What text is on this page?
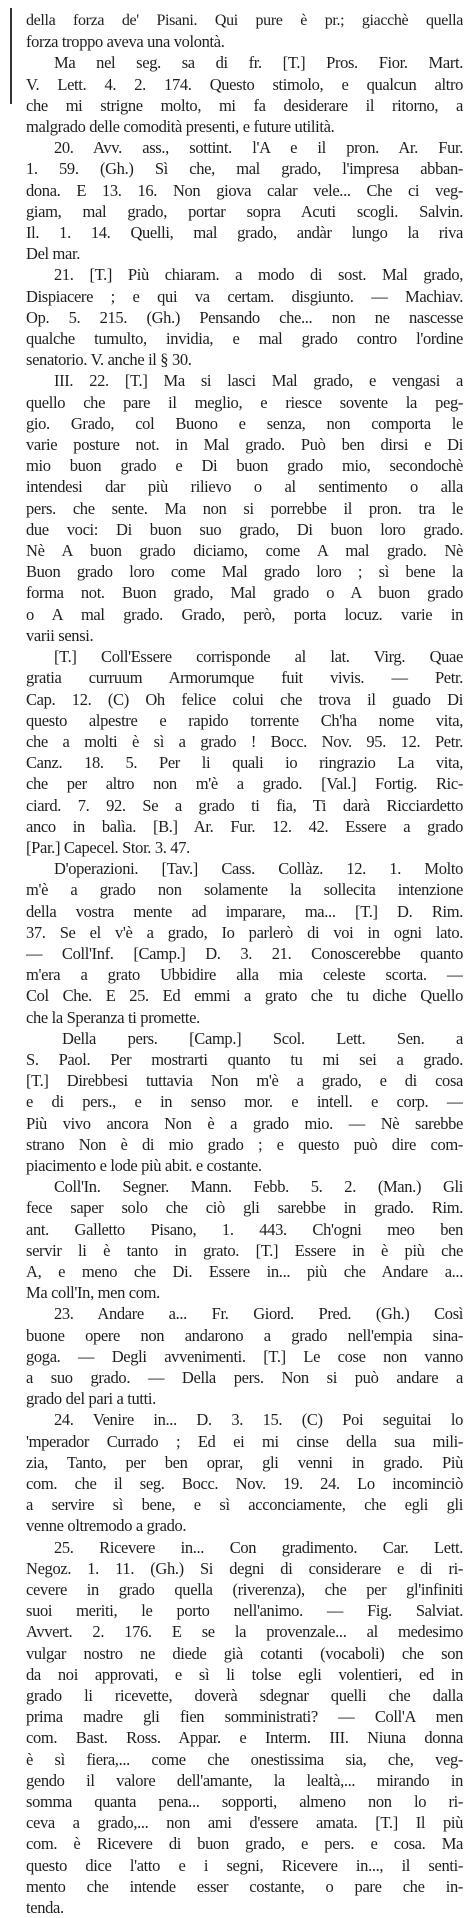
della forza de' Pisani. Qui pure è pr.; giacchè quella
forza troppo aveva una volontà.
Ma nel seg. sa di fr. [T.] Pros. Fior. Mart.
V. Lett. 4. 2. 174. Questo stimolo, e qualcun altro
che mi strigne molto, mi fa desiderare il ritorno, a
malgrado delle comodità presenti, e future utilità.
20. Avv. ass., sottint. l'A e il pron. Ar. Fur.
1. 59. (Gh.) Sì che, mal grado, l'impresa abban-
dona. E 13. 16. Non giova calar vele... Che ci veg-
giam, mal grado, portar sopra Acuti scogli. Salvin.
Il. 1. 14. Quelli, mal grado, andàr lungo la riva
Del mar.
21. [T.] Più chiaram. a modo di sost. Mal grado,
Dispiacere ; e qui va certam. disgiunto. — Machiav.
Op. 5. 215. (Gh.) Pensando che... non ne nascesse
qualche tumulto, invidia, e mal grado contro l'ordine
senatorio. V. anche il § 30.
III. 22. [T.] Ma si lasci Mal grado, e vengasi a
quello che pare il meglio, e riesce sovente la peg-
gio. Grado, col Buono e senza, non comporta le
varie posture not. in Mal grado. Può ben dirsi e Di
mio buon grado e Di buon grado mio, secondochè
intendesi dar più rilievo o al sentimento o alla
pers. che sente. Ma non si porrebbe il pron. tra le
due voci: Di buon suo grado, Di buon loro grado.
Nè A buon grado diciamo, come A mal grado. Nè
Buon grado loro come Mal grado loro ; sì bene la
forma not. Buon grado, Mal grado o A buon grado
o A mal grado. Grado, però, porta locuz. varie in
varii sensi.
[T.] Coll'Essere corrisponde al lat. Virg. Quae
gratia curruum Armorumque fuit vivis. — Petr.
Cap. 12. (C) Oh felice colui che trova il guado Di
questo alpestre e rapido torrente Ch'ha nome vita,
che a molti è sì a grado ! Bocc. Nov. 95. 12. Petr.
Canz. 18. 5. Per li quali io ringrazio La vita,
che per altro non m'è a grado. [Val.] Fortig. Ric-
ciard. 7. 92. Se a grado ti fia, Ti darà Ricciardetto
anco in balìa. [B.] Ar. Fur. 12. 42. Essere a grado
[Par.] Capecel. Stor. 3. 47.
D'operazioni. [Tav.] Cass. Collàz. 12. 1. Molto
m'è a grado non solamente la sollecita intenzione
della vostra mente ad imparare, ma... [T.] D. Rim.
37. Se el v'è a grado, Io parlerò di voi in ogni lato.
— Coll'Inf. [Camp.] D. 3. 21. Conoscerebbe quanto
m'era a grato Ubbidire alla mia celeste scorta. —
Col Che. E 25. Ed emmi a grato che tu diche Quello
che la Speranza ti promette.
Della pers. [Camp.] Scol. Lett. Sen. a
S. Paol. Per mostrarti quanto tu mi sei a grado.
[T.] Direbbesi tuttavia Non m'è a grado, e di cosa
e di pers., e in senso mor. e intell. e corp. —
Più vivo ancora Non è a grado mio. — Nè sarebbe
strano Non è di mio grado ; e questo può dire com-
piacimento e lode più abit. e costante.
Coll'In. Segner. Mann. Febb. 5. 2. (Man.) Gli
fece saper solo che ciò gli sarebbe in grado. Rim.
ant. Galletto Pisano, 1. 443. Ch'ogni meo ben
servir li è tanto in grato. [T.] Essere in è più che
A, e meno che Di. Essere in... più che Andare a...
Ma coll'In, men com.
23. Andare a... Fr. Giord. Pred. (Gh.) Così
buone opere non andarono a grado nell'empia sina-
goga. — Degli avvenimenti. [T.] Le cose non vanno
a suo grado. — Della pers. Non si può andare a
grado del pari a tutti.
24. Venire in... D. 3. 15. (C) Poi seguitai lo
'mperador Currado ; Ed ei mi cinse della sua mili-
zia, Tanto, per ben oprar, gli venni in grado. Più
com. che il seg. Bocc. Nov. 19. 24. Lo incominciò
a servire sì bene, e sì acconciamente, che egli gli
venne oltremodo a grado.
25. Ricevere in... Con gradimento. Car. Lett.
Negoz. 1. 11. (Gh.) Si degni di considerare e di ri-
cevere in grado quella (riverenza), che per gl'infiniti
suoi meriti, le porto nell'animo. — Fig. Salviat.
Avvert. 2. 176. E se la provenzale... al medesimo
vulgar nostro ne diede già cotanti (vocaboli) che son
da noi approvati, e sì li tolse egli volentieri, ed in
grado li ricevette, doverà sdegnar quelli che dalla
prima madre gli fien somministrati? — Coll'A men
com. Bast. Ross. Appar. e Interm. III. Niuna donna
è sì fiera,... come che onestissima sia, che, veg-
gendo il valore dell'amante, la lealtà,... mirando in
somma quanta pena... sopporti, almeno non lo ri-
ceva a grado,... non ami d'essere amata. [T.] Il più
com. è Ricevere di buon grado, e pers. e cosa. Ma
questo dice l'atto e i segni, Ricevere in..., il senti-
mento che intende esser costante, o pare che in-
tenda.
